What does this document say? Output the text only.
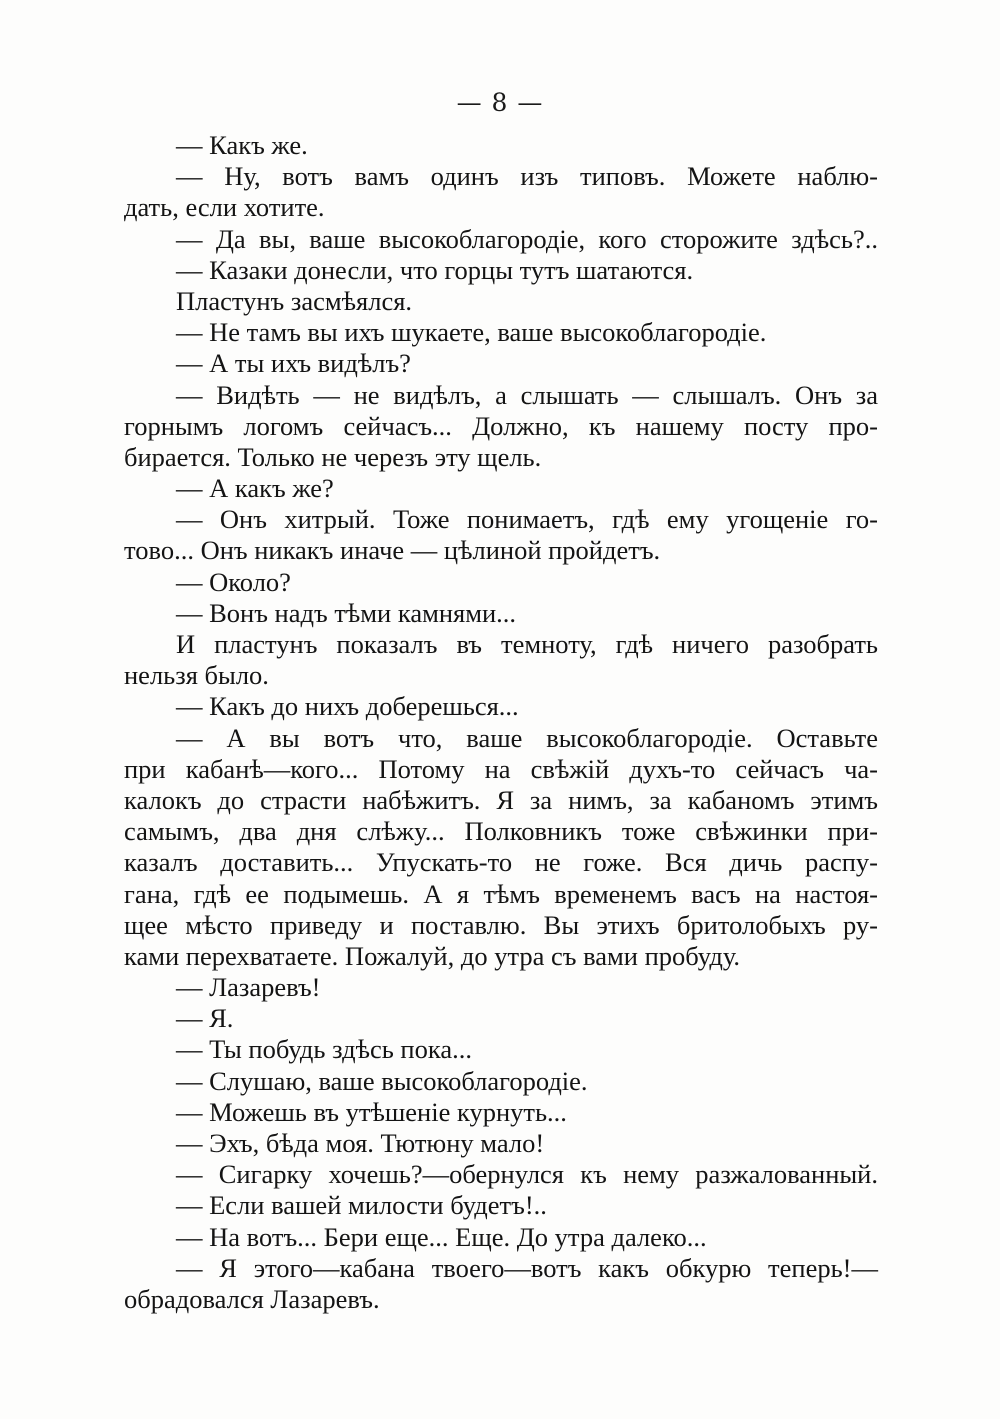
— 8 —
— Какъ же.
— Ну, вотъ вамъ одинъ изъ типовъ. Можете наблю-
дать, если хотите.
— Да вы, ваше высокоблагородіе, кого сторожите здѣсь?..
— Казаки донесли, что горцы тутъ шатаются.
Пластунъ засмѣялся.
— Не тамъ вы ихъ шукаете, ваше высокоблагородіе.
— А ты ихъ видѣлъ?
— Видѣть — не видѣлъ, а слышать — слышалъ. Онъ за
горнымъ логомъ сейчасъ... Должно, къ нашему посту про-
бирается. Только не черезъ эту щель.
— А какъ же?
— Онъ хитрый. Тоже понимаетъ, гдѣ ему угощеніе го-
тово... Онъ никакъ иначе — цѣлиной пройдетъ.
— Около?
— Вонъ надъ тѣми камнями...
И пластунъ показалъ въ темноту, гдѣ ничего разобрать
нельзя было.
— Какъ до нихъ доберешься...
— А вы вотъ что, ваше высокоблагородіе. Оставьте
при кабанѣ—кого... Потому на свѣжій духъ-то сейчасъ ча-
калокъ до страсти набѣжитъ. Я за нимъ, за кабаномъ этимъ
самымъ, два дня слѣжу... Полковникъ тоже свѣжинки при-
казалъ доставить... Упускать-то не гоже. Вся дичь распу-
гана, гдѣ ее подымешь. А я тѣмъ временемъ васъ на настоя-
щее мѣсто приведу и поставлю. Вы этихъ бритолобыхъ ру-
ками перехватаете. Пожалуй, до утра съ вами пробуду.
— Лазаревъ!
— Я.
— Ты побудь здѣсь пока...
— Слушаю, ваше высокоблагородіе.
— Можешь въ утѣшеніе курнуть...
— Эхъ, бѣда моя. Тютюну мало!
— Сигарку хочешь?—обернулся къ нему разжалованный.
— Если вашей милости будетъ!..
— На вотъ... Бери еще... Еще. До утра далеко...
— Я этого—кабана твоего—вотъ какъ обкурю теперь!—
обрадовался Лазаревъ.
